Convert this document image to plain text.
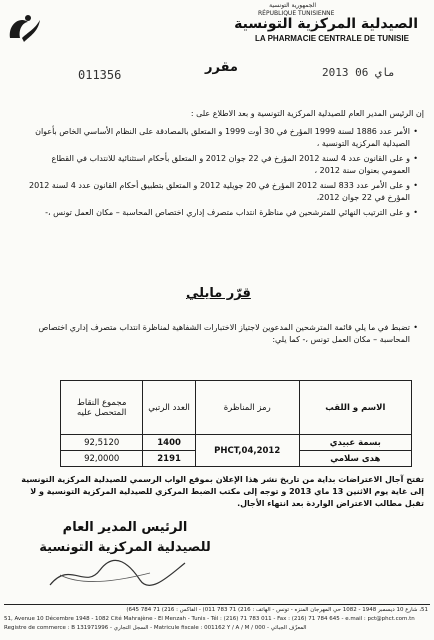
الجمهورية التونسية
RÉPUBLIQUE TUNISIENNE
الصيدلية المركزية التونسية
LA PHARMACIE CENTRALE DE TUNISIE
011356	مقرر	2013 ماي 06
إن الرئيس المدير العام للصيدلية المركزية التونسية و بعد الاطلاع على :
•
الأمر عدد 1886 لسنة 1999 المؤرخ في 30 أوت 1999 و المتعلق بالمصادقة على النظام الأساسي الخاص بأعوان الصيدلية المركزية التونسية ،
•
و على القانون عدد 4 لسنة 2012 المؤرخ في 22 جوان 2012 و المتعلق بأحكام استثنائية للانتداب في القطاع العمومي بعنوان سنة 2012 ،
•
و على الأمر عدد 833 لسنة 2012 المؤرخ في 20 جويلية 2012 و المتعلق بتطبيق أحكام القانون عدد 4 لسنة 2012 المؤرخ في 22 جوان 2012،
•
و على الترتيب النهائي للمترشحين في مناظرة انتداب متصرف إداري اختصاص المحاسبة – مكان العمل تونس ،-
قرّر مايلي
•
تضبط في ما يلي قائمة المترشحين المدعوين لاجتياز الاختبارات الشفاهية لمناظرة انتداب متصرف إداري اختصاص المحاسبة – مكان العمل تونس ،- كما يلي:
مجموع النقاط المتحصل عليه	العدد الرتبي	رمز المناظرة	الاسم و اللقب
92,5120	1400	PHCT,04,2012	بسمة عبيدي
92,0000	2191		هدى سلامي
تفتح آجال الاعتراضات بداية من تاريخ نشر هذا الإعلان بموقع الواب الرسمي للصيدلية المركزية التونسية إلى غاية يوم الاثنين 13 ماي 2013 و توجه إلى مكتب الضبط المركزي للصيدلية المركزية التونسية و لا تقبل مطالب الاعتراض الواردة بعد انتهاء الأجال.
الرئيس المدير العام
للصيدلية المركزية التونسية
51، شارع 10 ديسمبر 1948 - 1082 حي المهرجان المنزه - تونس - الهاتف : 216) 71 783 011) - الفاكس : 216) 71 784 645)
51, Avenue 10 Décembre 1948 - 1082 Cité Mahrajène - El Menzah - Tunis - Tél : (216) 71 783 011 - Fax : (216) 71 784 645 - e.mail : pct@phct.com.tn
Registre de commerce : B 131971996 - السجل التجاري - Matricule fiscale : 001162 Y / A / M / 000 - المعرّف الجبائي
